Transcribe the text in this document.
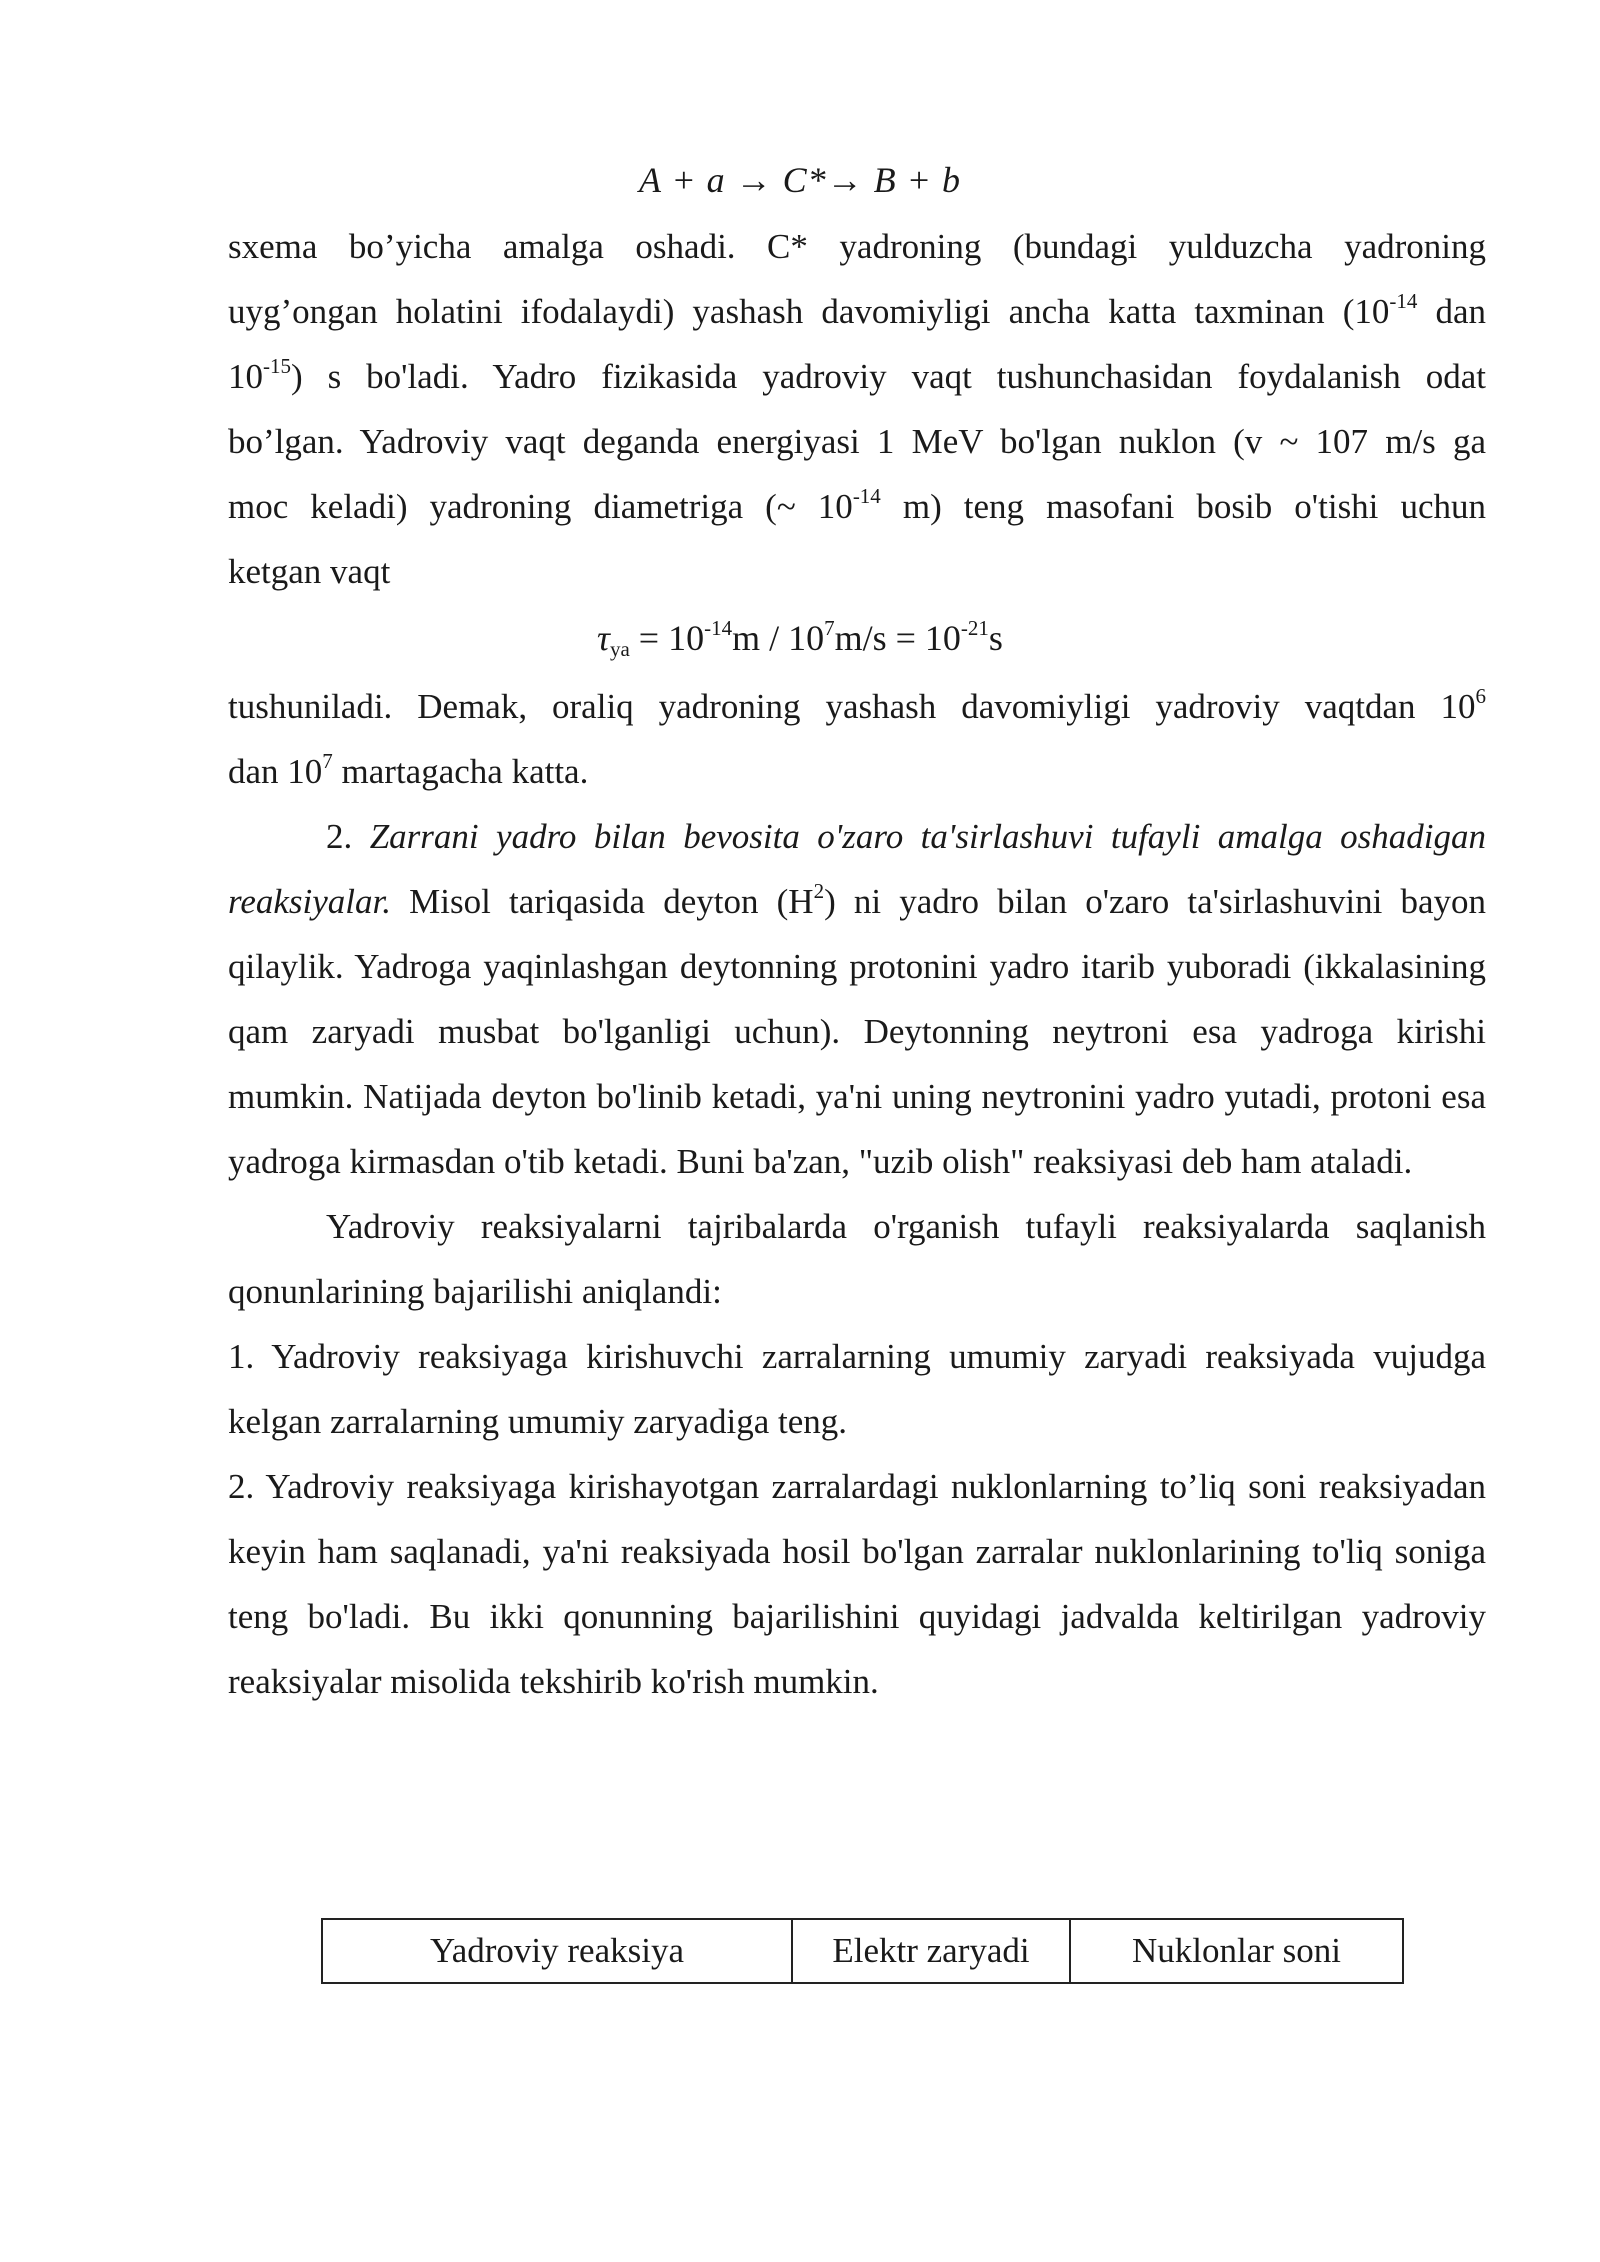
A + a → C*→ B + b

sxema bo’yicha amalga oshadi. C* yadroning (bundagi yulduzcha yadroning

uyg’ongan holatini ifodalaydi) yashash davomiyligi ancha katta taxminan ($10^{-14}$ dan

$10^{-15}$) s bo'ladi. Yadro fizikasida yadroviy vaqt tushunchasidan foydalanish odat

bo’lgan. Yadroviy vaqt deganda energiyasi 1 MeV bo'lgan nuklon (v ~ 107 m/s ga

moc keladi) yadroning diametriga (~ $10^{-14}$ m) teng masofani bosib o'tishi uchun

ketgan vaqt

$\tau_{ya} = 10^{-14}m / 10^7m/s = 10^{-21}s$

tushuniladi. Demak, oraliq yadroning yashash davomiyligi yadroviy vaqtdan $10^6$

dan $10^7$ martagacha katta.

2. Zarrani yadro bilan bevosita o'zaro ta'sirlashuvi tufayli amalga oshadigan reaksiyalar. Misol tariqasida deyton $(H^2)$ ni yadro bilan o'zaro ta'sirlashuvini bayon qilaylik. Yadroga yaqinlashgan deytonning protonini yadro itarib yuboradi (ikkalasining qam zaryadi musbat bo'lganligi uchun). Deytonning neytroni esa yadroga kirishi mumkin. Natijada deyton bo'linib ketadi, ya'ni uning neytronini yadro yutadi, protoni esa yadroga kirmasdan o'tib ketadi. Buni ba'zan, "uzib olish" reaksiyasi deb ham ataladi.

Yadroviy reaksiyalarni tajribalarda o'rganish tufayli reaksiyalarda saqlanish qonunlarining bajarilishi aniqlandi:

1. Yadroviy reaksiyaga kirishuvchi zarralarning umumiy zaryadi reaksiyada vujudga kelgan zarralarning umumiy zaryadiga teng.

2. Yadroviy reaksiyaga kirishayotgan zarralardagi nuklonlarning to’liq soni reaksiyadan keyin ham saqlanadi, ya'ni reaksiyada hosil bo'lgan zarralar nuklonlarining to'liq soniga teng bo'ladi. Bu ikki qonunning bajarilishini quyidagi jadvalda keltirilgan yadroviy reaksiyalar misolida tekshirib ko'rish mumkin.

Yadroviy reaksiya	Elektr zaryadi	Nuklonlar soni
